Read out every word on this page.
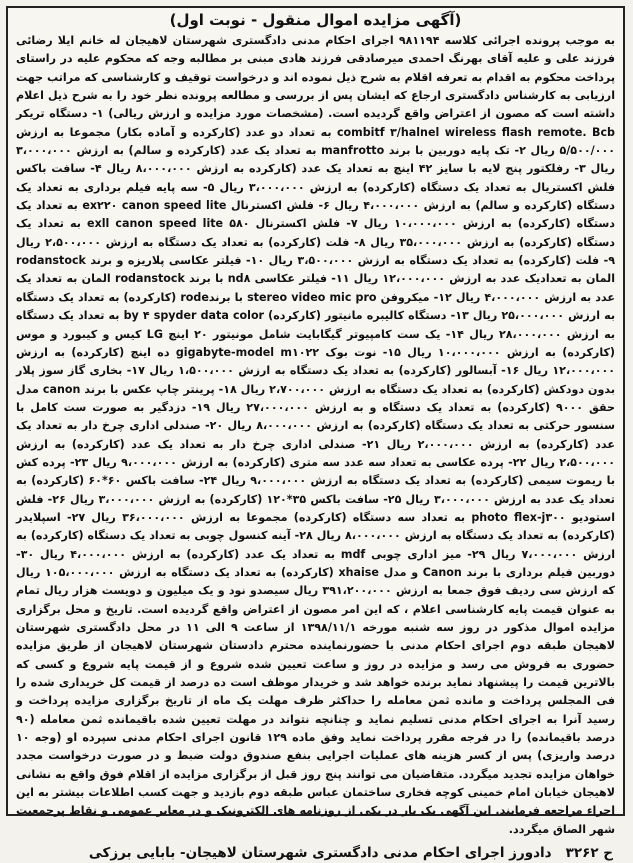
(آگهی مزایده اموال منقول - نوبت اول)

به موجب پرونده اجرائی کلاسه ۹۸۱۱۹۴ اجرای احکام مدنی دادگستری شهرستان لاهیجان له خانم ایلا رضائی فرزند علی و علیه آقای بهرنگ احمدی میرصادقی فرزند هادی مبنی بر مطالبه وجه که محکوم علیه در راستای پرداخت محکوم به اقدام به تعرفه اقلام به شرح ذیل نموده اند و درخواست توقیف و کارشناسی که مراتب جهت ارزیابی به کارشناس دادگستری ارجاع که ایشان پس از بررسی و مطالعه پرونده نظر خود را به شرح ذیل اعلام داشته است که مصون از اعتراض واقع گردیده است. (مشخصات مورد مزایده و ارزش ریالی) ۱- دستگاه تریکر combitf ۳/halnel wireless flash remote. Bcb به تعداد دو عدد (کارکرده و آماده بکار) مجموعا به ارزش ۵/۵۰۰/۰۰۰ ریال ۲- تک پایه دوربین با برند manfrotto به تعداد یک عدد (کارکرده و سالم) به ارزش ۳،۰۰۰،۰۰۰ ریال ۳- رفلکتور پنج لایه با سایز ۴۲ اینچ به تعداد یک عدد (کارکرده به ارزش ۸،۰۰۰،۰۰۰ ریال ۴- سافت باکس فلش اکستریال به تعداد یک دستگاه (کارکرده) به ارزش ۳،۰۰۰،۰۰۰ ریال ۵- سه پایه فیلم برداری به تعداد یک دستگاه (کارکرده و سالم) به ارزش ۴،۰۰۰،۰۰۰ ریال ۶- فلش اکسترنال ex۲۲۰ canon speed lite به تعداد یک دستگاه (کارکرده) به ارزش ۱۰،۰۰۰،۰۰۰ ریال ۷- فلش اکسترنال ۵۸۰ exll canon speed lite به تعداد یک دستگاه (کارکرده) به ارزش ۳۵،۰۰۰،۰۰۰ ریال ۸- فلت (کارکرده) به تعداد یک دستگاه به ارزش ۲،۵۰۰،۰۰۰ ریال ۹- فلت (کارکرده) به تعداد یک دستگاه به ارزش ۳،۵۰۰،۰۰۰ ریال ۱۰- فیلتر عکاسی پلاریزه و برند rodanstock المان به تعدادیک عدد به ارزش ۱۲،۰۰۰،۰۰۰ ریال ۱۱- فیلتر عکاسی nd۸ با برند rodanstock المان به تعداد یک عدد به ارزش ۴،۰۰۰،۰۰۰ ریال ۱۲- میکروفن stereo video mic pro با برندrode (کارکرده) به تعداد یک دستگاه به ارزش ۲۵،۰۰۰،۰۰۰ ریال ۱۳- دستگاه کالیبره مانیتور (کارکرده) by ۴ spyder data color به تعداد یک دستگاه به ارزش ۲۸،۰۰۰،۰۰۰ ریال ۱۴- یک ست کامپیوتر گیگابایت شامل مونیتور ۲۰ اینچ LG کیس و کیبورد و موس (کارکرده) به ارزش ۱۰،۰۰۰،۰۰۰ ریال ۱۵- نوت بوک gigabyte-model m۱۰۲۲ ده اینچ (کارکرده) به ارزش ۱۲،۰۰۰،۰۰۰ ریال ۱۶- آبسالور (کارکرده) به تعداد یک دستگاه به ارزش ۱،۵۰۰،۰۰۰ ریال ۱۷- بخاری گاز سوز پلار بدون دودکش (کارکرده) به تعداد یک دستگاه به ارزش ۲،۷۰۰،۰۰۰ ریال ۱۸- پرینتر چاپ عکس با برند canon مدل حقق ۹۰۰۰ (کارکرده) به تعداد یک دستگاه و به ارزش ۲۷،۰۰۰،۰۰۰ ریال ۱۹- دزدگیر به صورت ست کامل با سنسور حرکتی به تعداد یک دستگاه (کارکرده) به ارزش ۸،۰۰۰،۰۰۰ ریال ۲۰- صندلی اداری چرخ دار به تعداد یک عدد (کارکرده) به ارزش ۲،۰۰۰،۰۰۰ ریال ۲۱- صندلی اداری چرخ دار به تعداد یک عدد (کارکرده) به ارزش ۲،۵۰۰،۰۰۰ ریال ۲۲- پرده عکاسی به تعداد سه عدد سه متری (کارکرده) به ارزش ۹،۰۰۰،۰۰۰ ریال ۲۳- پرده کش با ریموت سیمی (کارکرده) به تعداد یک دستگاه به ارزش ۹،۰۰۰،۰۰۰ ریال ۲۴- سافت باکس ۶۰*۶۰ (کارکرده) به تعداد یک عدد به ارزش ۳،۰۰۰،۰۰۰ ریال ۲۵- سافت باکس ۳۵*۱۲۰ (کارکرده) به ارزش ۳،۰۰۰،۰۰۰ ریال ۲۶- فلش استودیو photo flex-j۳۰۰ به تعداد سه دستگاه (کارکرده) مجموعا به ارزش ۳۶،۰۰۰،۰۰۰ ریال ۲۷- اسپلایدر (کارکرده) به تعداد یک دستگاه به ارزش ۸،۰۰۰،۰۰۰ ریال ۲۸- آینه کنسول چوبی به تعداد یک دستگاه (کارکرده) به ارزش ۷،۰۰۰،۰۰۰ ریال ۲۹- میز اداری چوبی mdf به تعداد یک عدد (کارکرده) به ارزش ۴،۰۰۰،۰۰۰ ریال ۳۰- دوربین فیلم برداری با برند Canon و مدل xhaise (کارکرده) به تعداد یک دستگاه به ارزش ۱۰۵،۰۰۰،۰۰۰ ریال که ارزش سی ردیف فوق جمعا به ارزش ۳۹۱،۲۰۰،۰۰۰ ریال سیصدو نود و یک میلیون و دویست هزار ریال تمام به عنوان قیمت پایه کارشناسی اعلام ، که این امر مصون از اعتراض واقع گردیده است. تاریخ و محل برگزاری مزایده اموال مذکور در روز سه شنبه مورخه ۱۳۹۸/۱۱/۱ از ساعت ۹ الی ۱۱ در محل دادگستری شهرستان لاهیجان طبقه دوم اجرای احکام مدنی با حضورنماینده محترم دادستان شهرستان لاهیجان از طریق مزایده حضوری به فروش می رسد و مزایده در روز و ساعت تعیین شده شروع و از قیمت پایه شروع و کسی که بالاترین قیمت را پیشنهاد نماید برنده خواهد شد و خریدار موظف است ده درصد از قیمت کل خریداری شده را فی المجلس پرداخت و مانده ثمن معامله را حداکثر ظرف مهلت یک ماه از تاریخ برگزاری مزایده پرداخت و رسید آنرا به اجرای احکام مدنی تسلیم نماید و چنانچه نتواند در مهلت تعیین شده باقیمانده ثمن معامله (۹۰ درصد باقیمانده) را در فرجه مقرر پرداخت نماید وفق ماده ۱۲۹ قانون اجرای احکام مدنی سپرده او (وجه ۱۰ درصد واریزی) پس از کسر هزینه های عملیات اجرایی بنفع صندوق دولت ضبط و در صورت درخواست مجدد خواهان مزایده تجدید میگردد. متقاضیان می توانند پنج روز قبل از برگزاری مزایده از اقلام فوق واقع به نشانی لاهیجان خیابان امام خمینی کوچه فخاری ساختمان عباس طبقه دوم بازدید و جهت کسب اطلاعات بیشتر به این اجراء مراجعه فرمایند. این آگهی یک بار در یکی از روزنامه های الکترونیک و در معابر عمومی و نقاط پرجمعیت شهر الصاق میگردد.

ح ۳۲۶۲
دادورز اجرای احکام مدنی دادگستری شهرستان لاهیجان- بابایی برزکی
